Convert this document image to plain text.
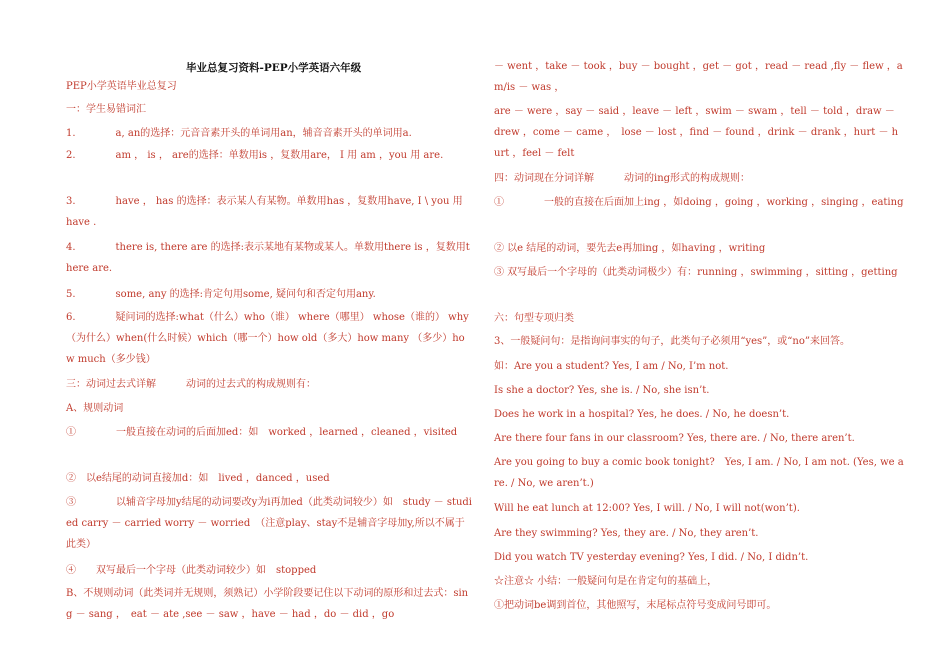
毕业总复习资料-PEP小学英语六年级
PEP小学英语毕业总复习
一：学生易错词汇
1.　　　　a, an的选择：元音音素开头的单词用an，辅音音素开头的单词用a.
2.　　　　am ， is ， are的选择：单数用is ，复数用are， I 用 am ，you 用 are.
3.　　　　have ， has 的选择：表示某人有某物。单数用has ，复数用have, I \ you 用 have .
4.　　　　there is, there are 的选择:表示某地有某物或某人。单数用there is ，复数用there are.
5.　　　　some, any 的选择:肯定句用some, 疑问句和否定句用any.
6.　　　　疑问词的选择:what（什么）who（谁） where（哪里） whose（谁的） why（为什么）when(什么时候）which（哪一个）how old（多大）how many （多少）how much（多少钱）
三：动词过去式详解　　　动词的过去式的构成规则有：
A、规则动词
①　　　　一般直接在动词的后面加ed：如　worked ，learned ，cleaned ，visited
②　以e结尾的动词直接加d：如　lived ，danced ，used
③　　　　以辅音字母加y结尾的动词要改y为i再加ed（此类动词较少）如　study － studied carry － carried worry － worried　（注意play、stay不是辅音字母加y,所以不属于此类）
④　　双写最后一个字母（此类动词较少）如　stopped
B、不规则动词（此类词并无规则，须熟记）小学阶段要记住以下动词的原形和过去式：sing － sang ，　eat － ate ,see － saw ，have － had ，do － did ，go
－ went ，take － took ，buy － bought ，get － got ，read － read ,fly － flew ，am/is － was ，
are － were ，say － said ，leave － left ，swim － swam ，tell － told ，draw － drew ，come － came ，　lose － lost ，find － found ，drink － drank ，hurt － hurt ，feel － felt
四：动词现在分词详解　　　动词的ing形式的构成规则：
①　　　　一般的直接在后面加上ing ，如doing ，going ，working ，singing ，eating
② 以e 结尾的动词，要先去e再加ing ，如having ，writing
③ 双写最后一个字母的（此类动词极少）有：running ，swimming ，sitting ，getting
六：句型专项归类
3、一般疑问句：是指询问事实的句子，此类句子必须用“yes”，或“no”来回答。
如：Are you a student? Yes, I am / No, I’m not.
Is she a doctor? Yes, she is. / No, she isn’t.
Does he work in a hospital? Yes, he does. / No, he doesn’t.
Are there four fans in our classroom? Yes, there are. / No, there aren’t.
Are you going to buy a comic book tonight?　Yes, I am. / No, I am not. (Yes, we are. / No, we aren’t.)
Will he eat lunch at 12:00? Yes, I will. / No, I will not(won’t).
Are they swimming? Yes, they are. / No, they aren’t.
Did you watch TV yesterday evening? Yes, I did. / No, I didn’t.
☆注意☆ 小结：一般疑问句是在肯定句的基础上，
①把动词be调到首位，其他照写，末尾标点符号变成问号即可。
